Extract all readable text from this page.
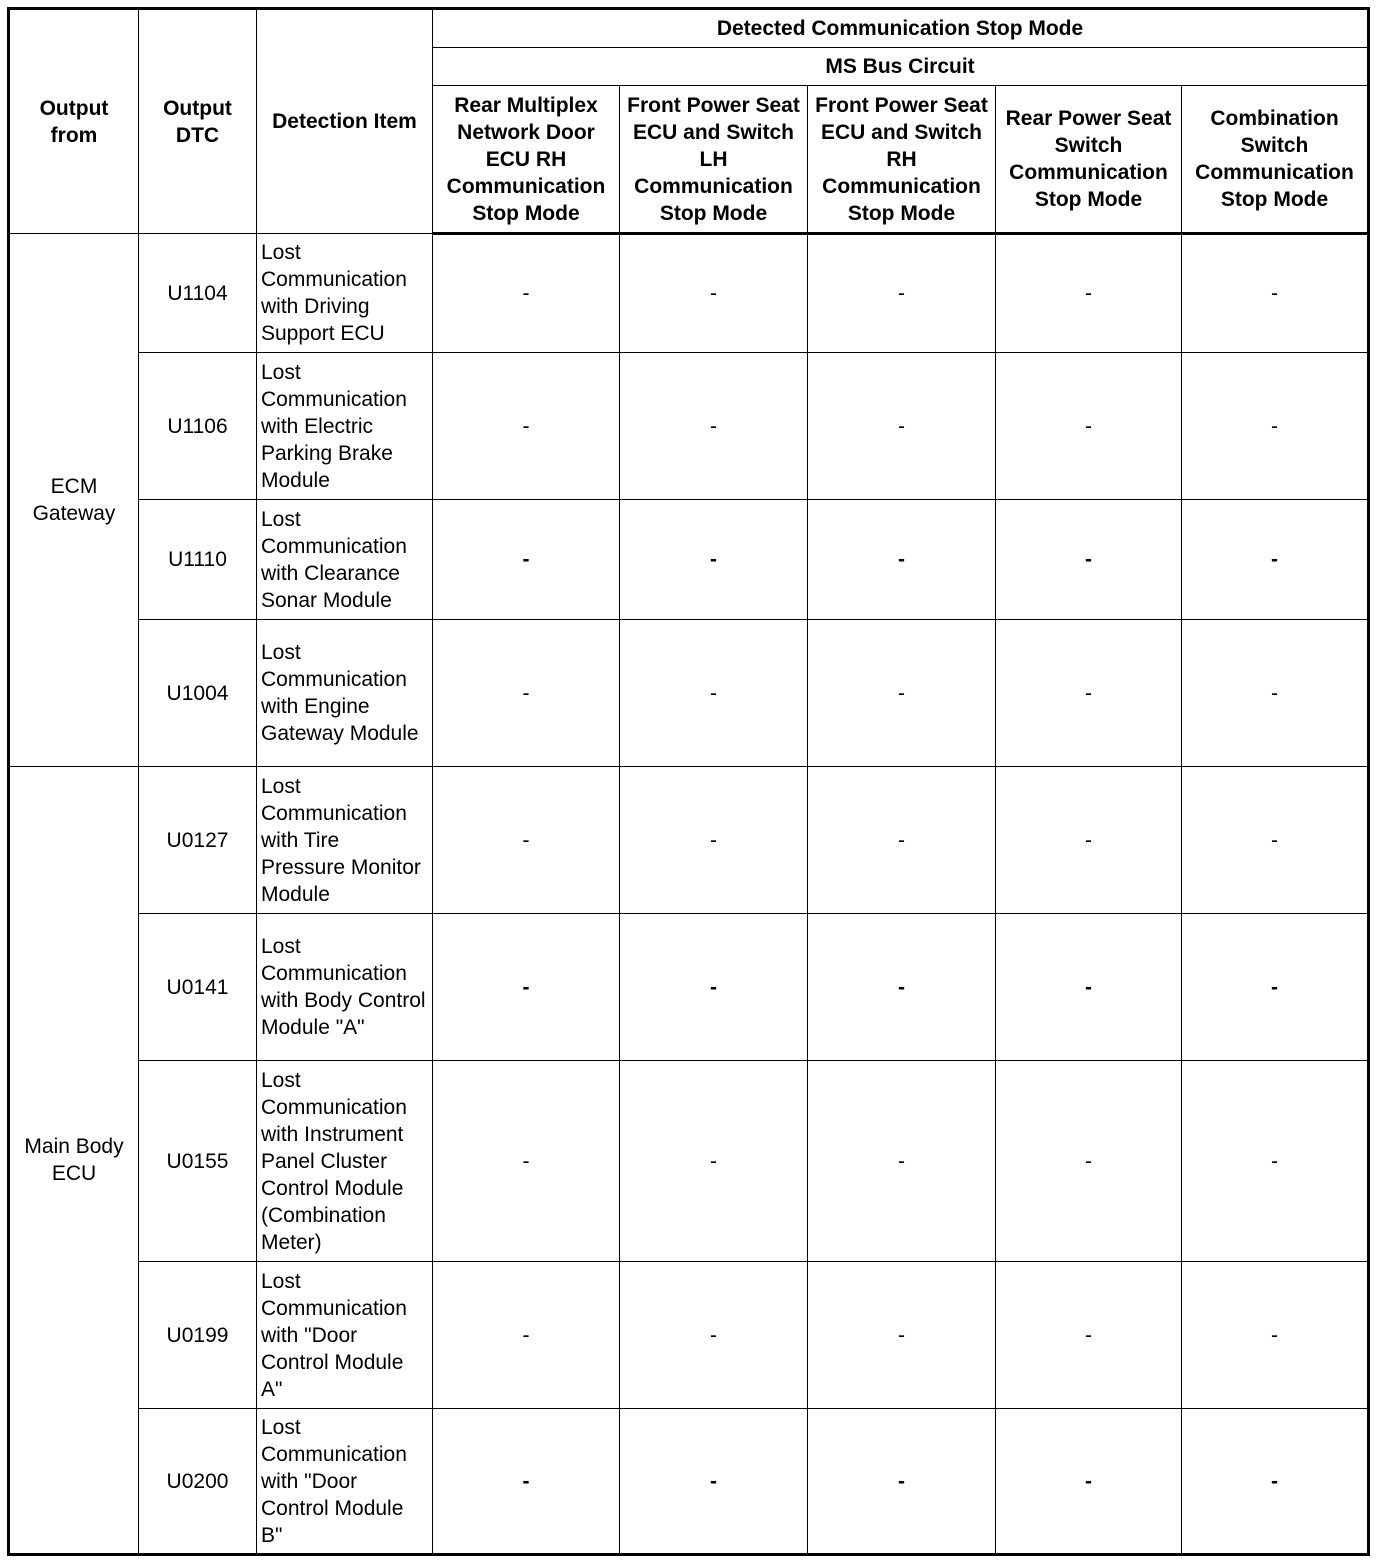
Output from	Output DTC	Detection Item	Detected Communication Stop Mode				
			MS Bus Circuit				
			Rear Multiplex Network Door ECU RH Communication Stop Mode	Front Power Seat ECU and Switch LH Communication Stop Mode	Front Power Seat ECU and Switch RH Communication Stop Mode	Rear Power Seat Switch Communication Stop Mode	Combination Switch Communication Stop Mode
ECM Gateway	U1104	Lost Communication with Driving Support ECU	-	-	-	-	-
	U1106	Lost Communication with Electric Parking Brake Module	-	-	-	-	-
	U1110	Lost Communication with Clearance Sonar Module	-	-	-	-	-
	U1004	Lost Communication with Engine Gateway Module	-	-	-	-	-
Main Body ECU	U0127	Lost Communication with Tire Pressure Monitor Module	-	-	-	-	-
	U0141	Lost Communication with Body Control Module "A"	-	-	-	-	-
	U0155	Lost Communication with Instrument Panel Cluster Control Module (Combination Meter)	-	-	-	-	-
	U0199	Lost Communication with "Door Control Module A"	-	-	-	-	-
	U0200	Lost Communication with "Door Control Module B"	-	-	-	-	-
